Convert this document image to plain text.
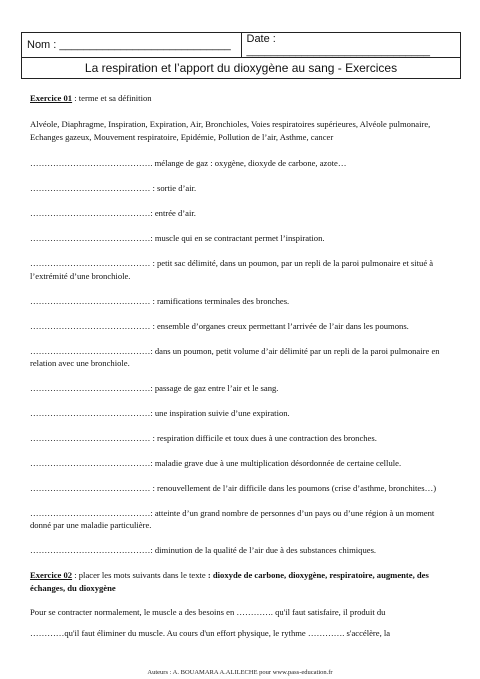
Nom : ____________________________	Date : ______________________________
La respiration et l’apport du dioxygène au sang - Exercices

Exercice 01 : terme et sa définition

Alvéole, Diaphragme, Inspiration, Expiration, Air, Bronchioles, Voies respiratoires supérieures, Alvéole pulmonaire, Echanges gazeux, Mouvement respiratoire, Epidémie, Pollution de l’air, Asthme, cancer

……………………………………. mélange de gaz : oxygène, dioxyde de carbone, azote…

…………………………………… : sortie d’air.

……………………………………: entrée d’air.

……………………………………: muscle qui en se contractant permet l’inspiration.

…………………………………… : petit sac délimité, dans un poumon, par un repli de la paroi pulmonaire et situé à l’extrémité d’une bronchiole.

…………………………………… : ramifications terminales des bronches.

…………………………………… : ensemble d’organes creux permettant l’arrivée de l’air dans les poumons.

……………………………………: dans un poumon, petit volume d’air délimité par un repli de la paroi pulmonaire en relation avec une bronchiole.

……………………………………: passage de gaz entre l’air et le sang.

……………………………………: une inspiration suivie d’une expiration.

…………………………………… : respiration difficile et toux dues à une contraction des bronches.

……………………………………: maladie grave due à une multiplication désordonnée de certaine cellule.

…………………………………… : renouvellement de l’air difficile dans les poumons (crise d’asthme, bronchites…)

……………………………………: atteinte d’un grand nombre de personnes d’un pays ou d’une région à un moment donné par une maladie particulière.

……………………………………: diminution de la qualité de l’air due à des substances chimiques.

Exercice 02 : placer les mots suivants dans le texte : dioxyde de carbone, dioxygène, respiratoire, augmente, des échanges, du dioxygène

Pour se contracter normalement, le muscle a des besoins en …………. qu'il faut satisfaire, il produit du

…………qu'il faut éliminer du muscle. Au cours d'un effort physique, le rythme …………. s'accélère, la

Auteurs : A. BOUAMARA A.ALILECHE pour www.pass-education.fr
